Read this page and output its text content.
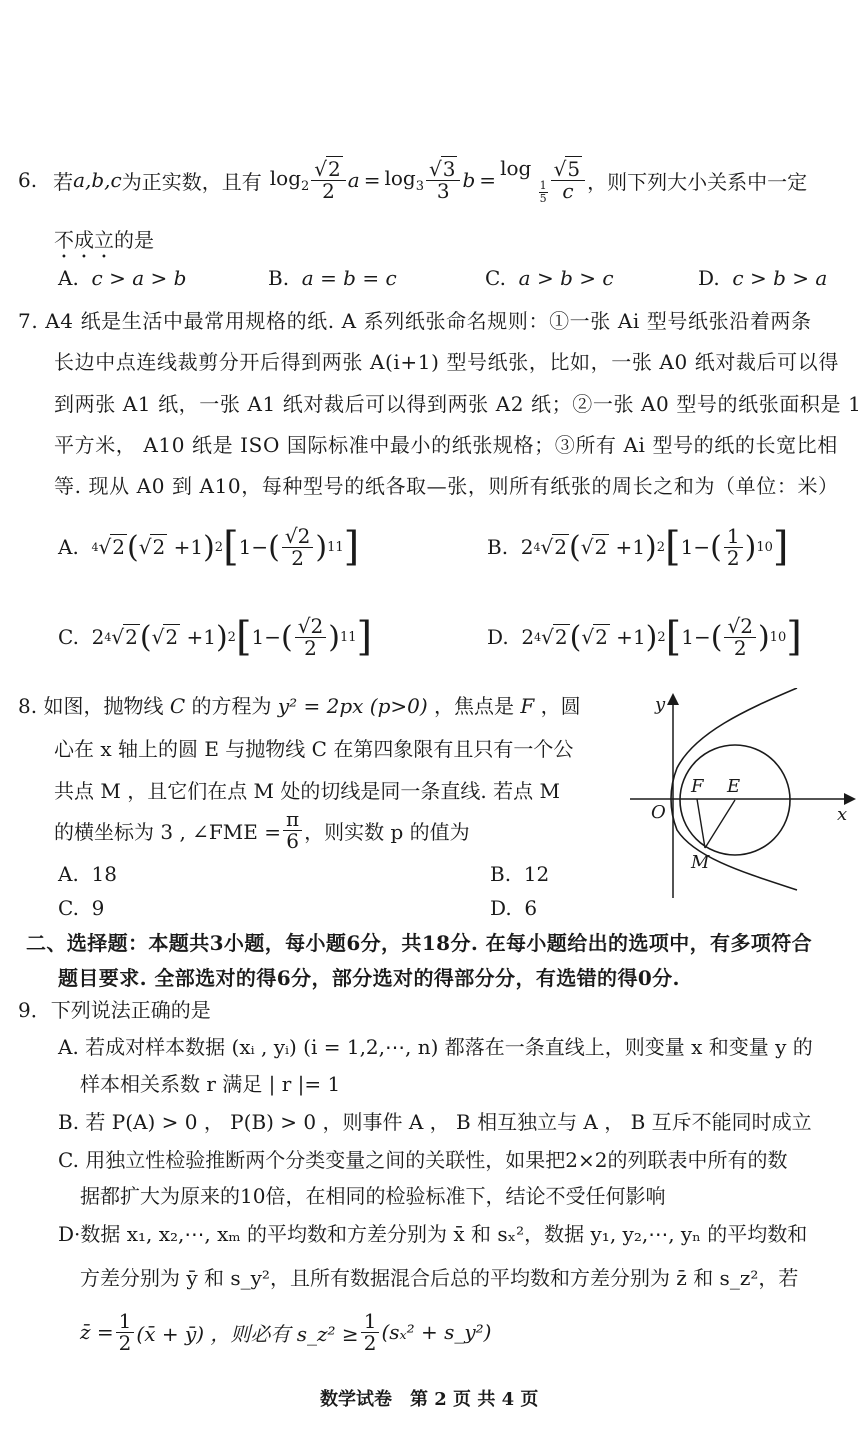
6. 若 a,b,c 为正实数，且有 $\log_2 \frac{√2}{2}$ $a = \log_3 \frac{√3}{3}$ b =
log
$\frac{1}{5} \frac{√5}{c}$ ，则下列大小关系中一定
不成立的是
A. c > a > b	B. a = b = c	C. a > b > c	D. c > b > a
7. A4 纸是生活中最常用规格的纸. A 系列纸张命名规则：①一张 Ai 型号纸张沿着两条
长边中点连线裁剪分开后得到两张 A(i+1) 型号纸张，比如，一张 A0 纸对裁后可以得
到两张 A1 纸，一张 A1 纸对裁后可以得到两张 A2 纸；②一张 A0 型号的纸张面积是 1
平方米， A10 纸是 ISO 国际标准中最小的纸张规格；③所有 Ai 型号的纸的长宽比相
等. 现从 A0 到 A10，每种型号的纸各取—张，则所有纸张的周长之和为（单位：米）
A.
4 √ 2 ( √ 2 +1 ) 2 [ 1− ( $\frac{√2}{2}$ ) 11 ]	B.
2 4 √ 2 ( √ 2 +1 ) 2 [ 1− ( $\frac{1}{2}$ ) 10 ]
C.
2 4 √ 2 ( √ 2 +1 ) 2 [ 1− ( $\frac{√2}{2}$ ) 11 ]	D.
2 4 √ 2 ( √ 2 +1 ) 2 [ 1− ( $\frac{√2}{2}$ ) 10 ]
8. 如图，抛物线 C 的方程为 y² = 2px (p>0) ，焦点是 F ，圆
心在 x 轴上的圆 E 与抛物线 C 在第四象限有且只有一个公
共点 M ，且它们在点 M 处的切线是同一条直线. 若点 M
的横坐标为 3 , ∠FME = $\frac{\pi}{6}$ ，则实数 p 的值为
A. 18	B. 12
C. 9	D. 6
y
x
O
F E
M
二、选择题：本题共3小题，每小题6分，共18分. 在每小题给出的选项中，有多项符合
题目要求. 全部选对的得6分，部分选对的得部分分，有选错的得0分.
9．下列说法正确的是
A. 若成对样本数据 (xᵢ , yᵢ) (i = 1,2,⋯, n) 都落在一条直线上，则变量 x 和变量 y 的
样本相关系数 r 满足 | r |= 1
B. 若 P(A) > 0 ， P(B) > 0 ，则事件 A ， B 相互独立与 A ， B 互斥不能同时成立
C. 用独立性检验推断两个分类变量之间的关联性，如果把2×2的列联表中所有的数
据都扩大为原来的10倍，在相同的检验标准下，结论不受任何影响
D·数据 x₁, x₂,⋯, xₘ 的平均数和方差分别为 x̄ 和 sₓ²，数据 y₁, y₂,⋯, yₙ 的平均数和
方差分别为 ȳ 和 s_y²，且所有数据混合后总的平均数和方差分别为 z̄ 和 s_z²，若
z̄ = $\frac{1}{2}$ (x̄ + ȳ) ，则必有 s_z² ≥ $\frac{1}{2} (s_x^2$ + s_y²)
数学试卷　第 2 页 共 4 页
